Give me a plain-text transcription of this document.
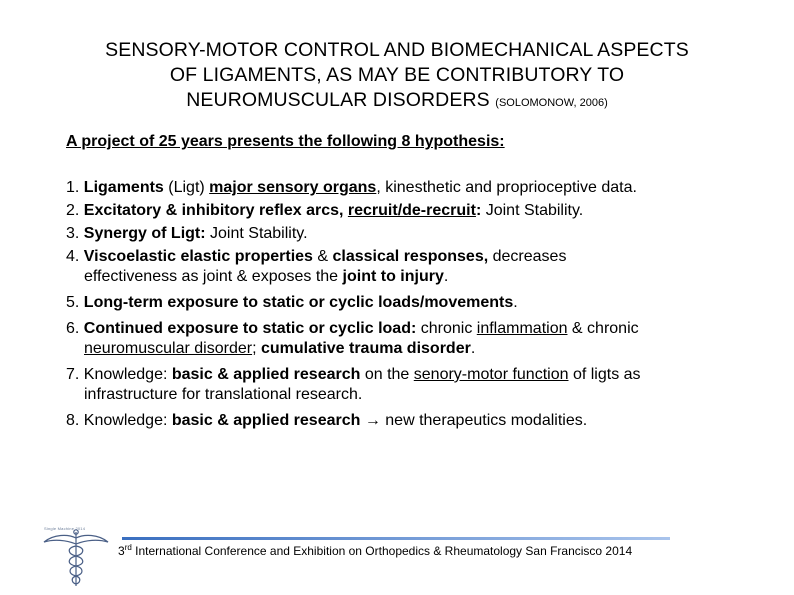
SENSORY-MOTOR CONTROL AND BIOMECHANICAL ASPECTS
OF LIGAMENTS, AS MAY BE CONTRIBUTORY TO
NEUROMUSCULAR DISORDERS (SOLOMONOW, 2006)
A project of 25 years presents the following 8 hypothesis:
1. Ligaments (Ligt) major sensory organs, kinesthetic and proprioceptive data.
2. Excitatory & inhibitory reflex arcs, recruit/de-recruit: Joint Stability.
3. Synergy of Ligt: Joint Stability.
4. Viscoelastic elastic properties & classical responses, decreases
effectiveness as joint & exposes the joint to injury.
5. Long-term exposure to static or cyclic loads/movements.
6. Continued exposure to static or cyclic load: chronic inflammation & chronic
neuromuscular disorder; cumulative trauma disorder.
7. Knowledge: basic & applied research on the senory-motor function of ligts as
infrastructure for translational research.
8. Knowledge: basic & applied research → new therapeutics modalities.
Single Machine 2014
3rd International Conference and Exhibition on Orthopedics & Rheumatology San Francisco 2014
